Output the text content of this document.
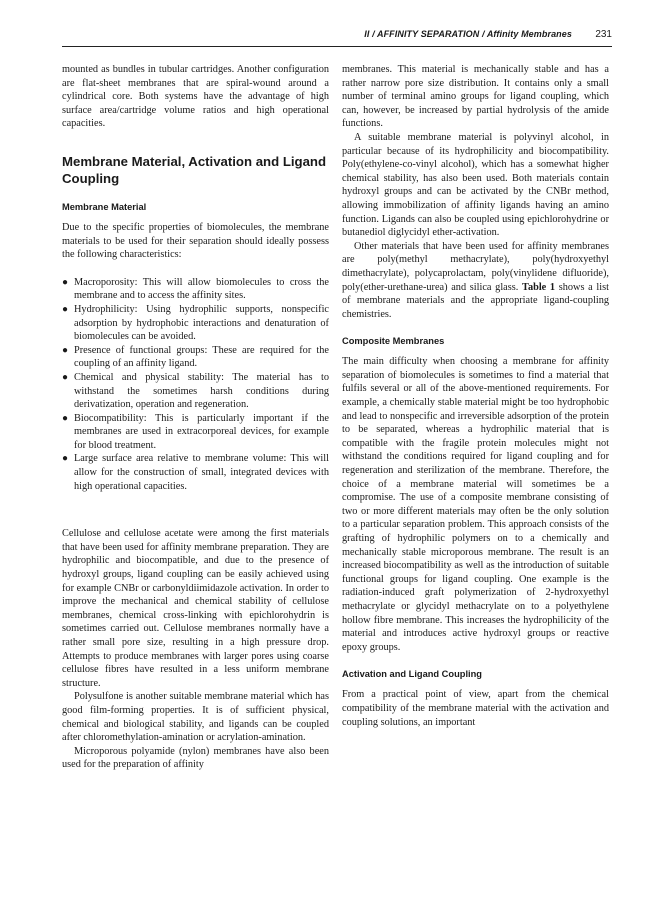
II / AFFINITY SEPARATION / Affinity Membranes 231

mounted as bundles in tubular cartridges. Another configuration are flat-sheet membranes that are spiral-wound around a cylindrical core. Both systems have the advantage of high surface area/cartridge volume ratios and high operational capacities.

Membrane Material, Activation and Ligand Coupling
Membrane Material

Due to the specific properties of biomolecules, the membrane materials to be used for their separation should ideally possess the following characteristics:

● Macroporosity: This will allow biomolecules to cross the membrane and to access the affinity sites.
● Hydrophilicity: Using hydrophilic supports, nonspecific adsorption by hydrophobic interactions and denaturation of biomolecules can be avoided.
● Presence of functional groups: These are required for the coupling of an affinity ligand.
● Chemical and physical stability: The material has to withstand the sometimes harsh conditions during derivatization, operation and regeneration.
● Biocompatibility: This is particularly important if the membranes are used in extracorporeal devices, for example for blood treatment.
● Large surface area relative to membrane volume: This will allow for the construction of small, integrated devices with high operational capacities.

Cellulose and cellulose acetate were among the first materials that have been used for affinity membrane preparation. They are hydrophilic and biocompatible, and due to the presence of hydroxyl groups, ligand coupling can be easily achieved using for example CNBr or carbonyldiimidazole activation. In order to improve the mechanical and chemical stability of cellulose membranes, chemical cross-linking with epichlorohydrin is sometimes carried out. Cellulose membranes normally have a rather small pore size, resulting in a high pressure drop. Attempts to produce membranes with larger pores using coarse cellulose fibres have resulted in a less uniform membrane structure.

Polysulfone is another suitable membrane material which has good film-forming properties. It is of sufficient physical, chemical and biological stability, and ligands can be coupled after chloromethylation-amination or acrylation-amination.

Microporous polyamide (nylon) membranes have also been used for the preparation of affinity

membranes. This material is mechanically stable and has a rather narrow pore size distribution. It contains only a small number of terminal amino groups for ligand coupling, which can, however, be increased by partial hydrolysis of the amide functions.

A suitable membrane material is polyvinyl alcohol, in particular because of its hydrophilicity and biocompatibility. Poly(ethylene-co-vinyl alcohol), which has a somewhat higher chemical stability, has also been used. Both materials contain hydroxyl groups and can be activated by the CNBr method, allowing immobilization of affinity ligands having an amino function. Ligands can also be coupled using epichlorohydrine or butanediol diglycidyl ether-activation.

Other materials that have been used for affinity membranes are poly(methyl methacrylate), poly(hydroxyethyl dimethacrylate), polycaprolactam, poly(vinylidene difluoride), poly(ether-urethane-urea) and silica glass. Table 1 shows a list of membrane materials and the appropriate ligand-coupling chemistries.

Composite Membranes

The main difficulty when choosing a membrane for affinity separation of biomolecules is sometimes to find a material that fulfils several or all of the above-mentioned requirements. For example, a chemically stable material might be too hydrophobic and lead to nonspecific and irreversible adsorption of the protein to be separated, whereas a hydrophilic material that is compatible with the fragile protein molecules might not withstand the conditions required for ligand coupling and for regeneration and sterilization of the membrane. Therefore, the choice of a membrane material will sometimes be a compromise. The use of a composite membrane consisting of two or more different materials may often be the only solution to a particular separation problem. This approach consists of the grafting of hydrophilic polymers on to a chemically and mechanically stable microporous membrane. The result is an increased biocompatibility as well as the introduction of suitable functional groups for ligand coupling. One example is the radiation-induced graft polymerization of 2-hydroxyethyl methacrylate or glycidyl methacrylate on to a polyethylene hollow fibre membrane. This increases the hydrophilicity of the material and introduces active hydroxyl groups or reactive epoxy groups.

Activation and Ligand Coupling

From a practical point of view, apart from the chemical compatibility of the membrane material with the activation and coupling solutions, an important
